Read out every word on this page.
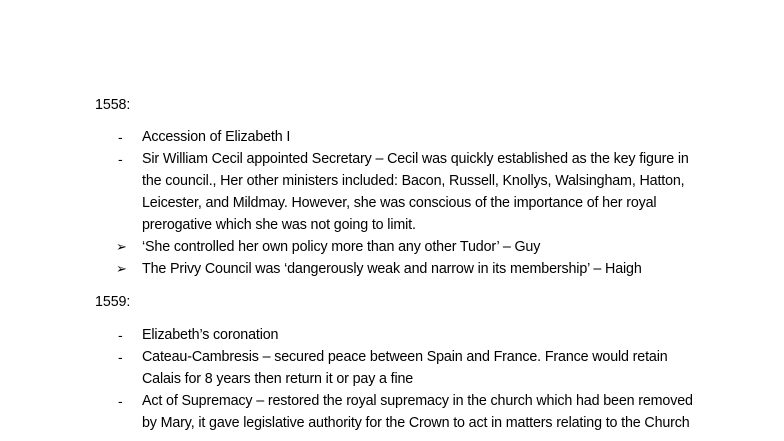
1558:
-	Accession of Elizabeth I
-	Sir William Cecil appointed Secretary – Cecil was quickly established as the key figure in the council., Her other ministers included: Bacon, Russell, Knollys, Walsingham, Hatton, Leicester, and Mildmay. However, she was conscious of the importance of her royal prerogative which she was not going to limit.
➢	‘She controlled her own policy more than any other Tudor’ – Guy
➢	The Privy Council was ‘dangerously weak and narrow in its membership’ – Haigh
1559:
-	Elizabeth’s coronation
-	Cateau-Cambresis – secured peace between Spain and France. France would retain Calais for 8 years then return it or pay a fine
-	Act of Supremacy – restored the royal supremacy in the church which had been removed by Mary, it gave legislative authority for the Crown to act in matters relating to the Church
